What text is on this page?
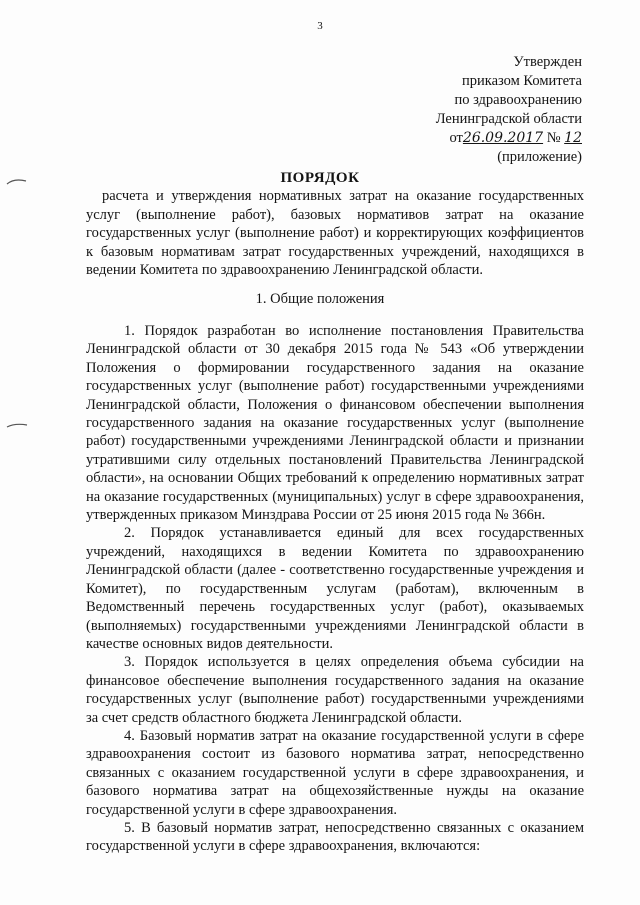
3
Утвержден
приказом Комитета
по здравоохранению
Ленинградской области
от26.09.2017 № 12
(приложение)
ПОРЯДОК
расчета и утверждения нормативных затрат на оказание государственных услуг (выполнение работ), базовых нормативов затрат на оказание государственных услуг (выполнение работ) и корректирующих коэффициентов к базовым нормативам затрат государственных учреждений, находящихся в ведении Комитета по здравоохранению Ленинградской области.
1. Общие положения

1. Порядок разработан во исполнение постановления Правительства Ленинградской области от 30 декабря 2015 года № 543 «Об утверждении Положения о формировании государственного задания на оказание государственных услуг (выполнение работ) государственными учреждениями Ленинградской области, Положения о финансовом обеспечении выполнения государственного задания на оказание государственных услуг (выполнение работ) государственными учреждениями Ленинградской области и признании утратившими силу отдельных постановлений Правительства Ленинградской области», на основании Общих требований к определению нормативных затрат на оказание государственных (муниципальных) услуг в сфере здравоохранения, утвержденных приказом Минздрава России от 25 июня 2015 года № 366н.

2. Порядок устанавливается единый для всех государственных учреждений, находящихся в ведении Комитета по здравоохранению Ленинградской области (далее - соответственно государственные учреждения и Комитет), по государственным услугам (работам), включенным в Ведомственный перечень государственных услуг (работ), оказываемых (выполняемых) государственными учреждениями Ленинградской области в качестве основных видов деятельности.

3. Порядок используется в целях определения объема субсидии на финансовое обеспечение выполнения государственного задания на оказание государственных услуг (выполнение работ) государственными учреждениями за счет средств областного бюджета Ленинградской области.

4. Базовый норматив затрат на оказание государственной услуги в сфере здравоохранения состоит из базового норматива затрат, непосредственно связанных с оказанием государственной услуги в сфере здравоохранения, и базового норматива затрат на общехозяйственные нужды на оказание государственной услуги в сфере здравоохранения.

5. В базовый норматив затрат, непосредственно связанных с оказанием государственной услуги в сфере здравоохранения, включаются:
